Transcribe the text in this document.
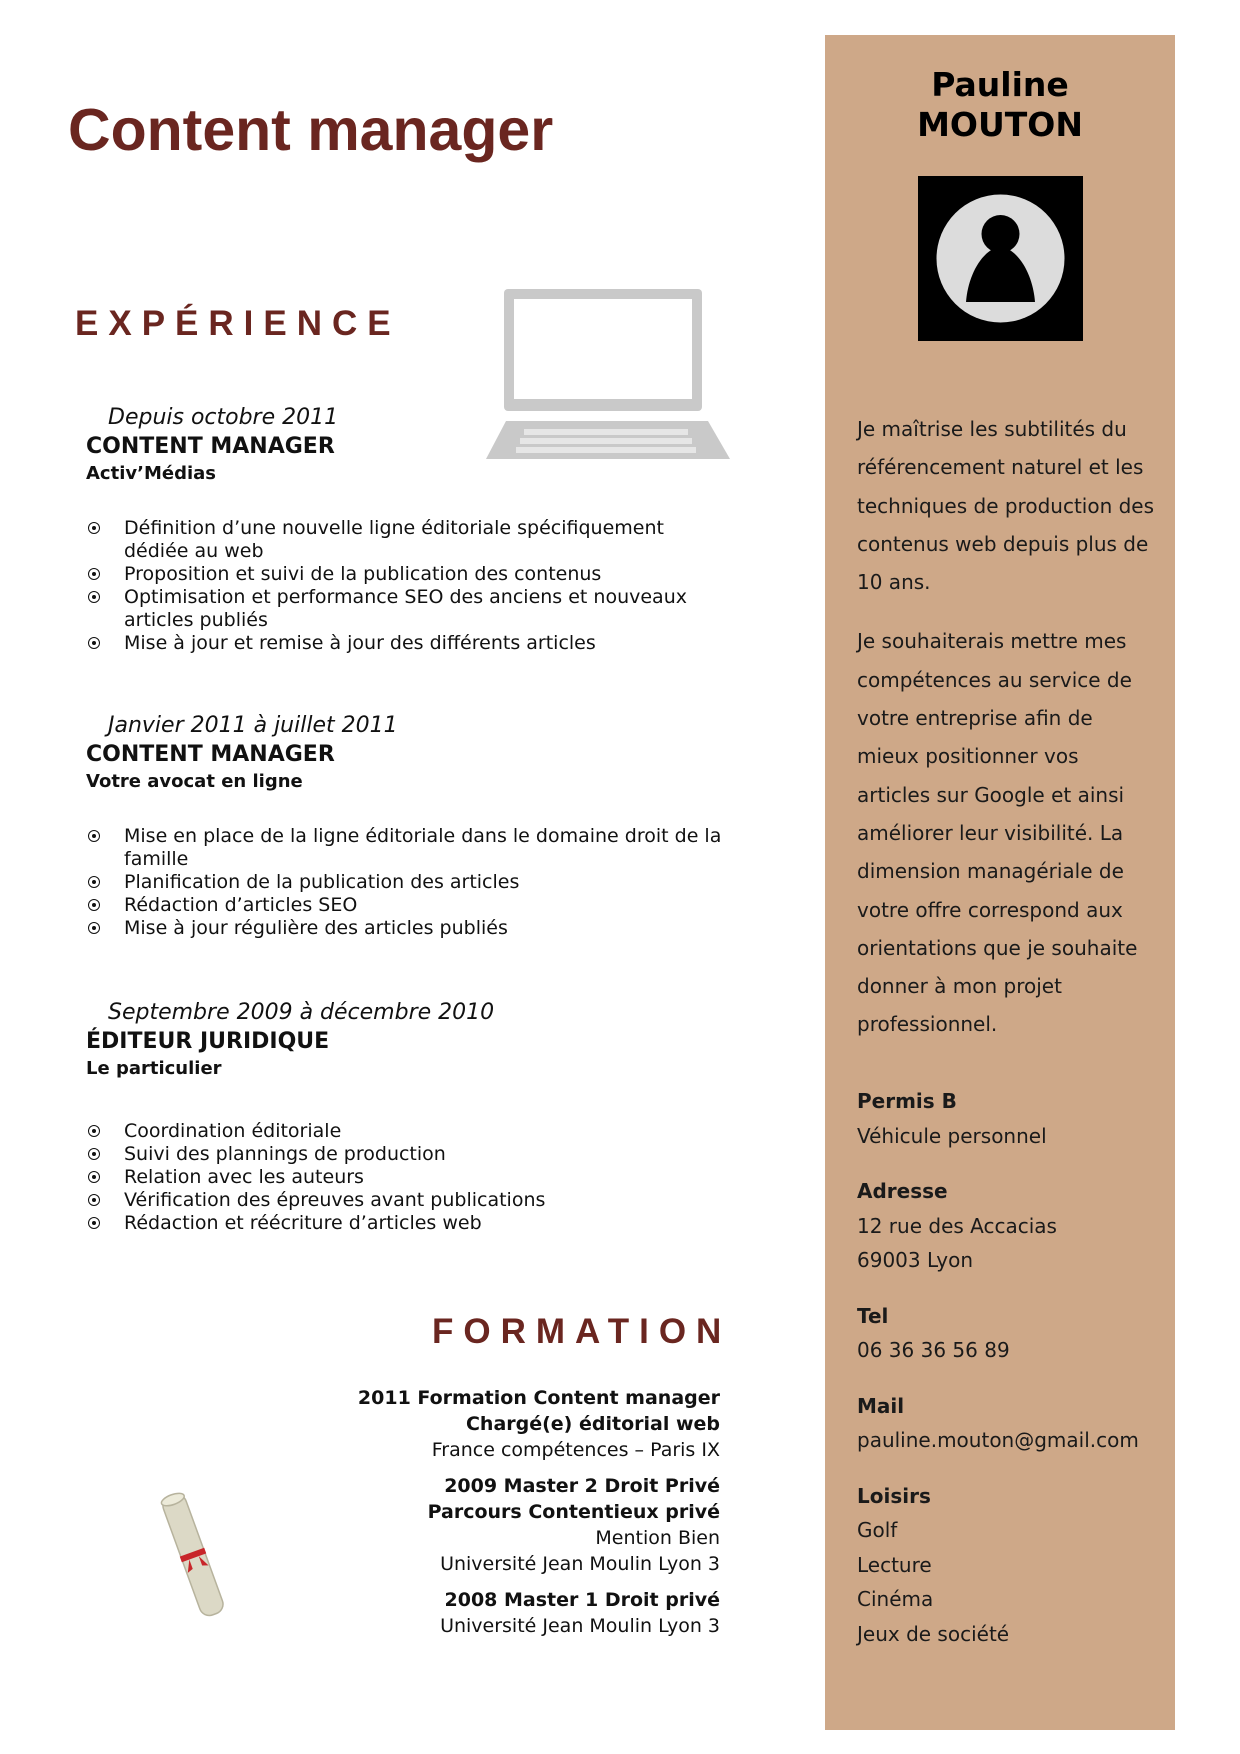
Content manager
EXPÉRIENCE
Depuis octobre 2011
CONTENT MANAGER
Activ’Médias
Définition d’une nouvelle ligne éditoriale spécifiquement dédiée au web
Proposition et suivi de la publication des contenus
Optimisation et performance SEO des anciens et nouveaux articles publiés
Mise à jour et remise à jour des différents articles
Janvier 2011 à juillet 2011
CONTENT MANAGER
Votre avocat en ligne
Mise en place de la ligne éditoriale dans le domaine droit de la famille
Planification de la publication des articles
Rédaction d’articles SEO
Mise à jour régulière des articles publiés
Septembre 2009 à décembre 2010
ÉDITEUR JURIDIQUE
Le particulier
Coordination éditoriale
Suivi des plannings de production
Relation avec les auteurs
Vérification des épreuves avant publications
Rédaction et réécriture d’articles web
FORMATION
2011 Formation Content manager
Chargé(e) éditorial web
France compétences – Paris IX
2009 Master 2 Droit Privé
Parcours Contentieux privé
Mention Bien
Université Jean Moulin Lyon 3
2008 Master 1 Droit privé
Université Jean Moulin Lyon 3
Pauline
MOUTON

Je maîtrise les subtilités du référencement naturel et les techniques de production des contenus web depuis plus de 10 ans.

Je souhaiterais mettre mes compétences au service de votre entreprise afin de mieux positionner vos articles sur Google et ainsi améliorer leur visibilité. La dimension managériale de votre offre correspond aux orientations que je souhaite donner à mon projet professionnel.

Permis B
Véhicule personnel
Adresse
12 rue des Accacias
69003 Lyon
Tel
06 36 36 56 89
Mail
pauline.mouton@gmail.com
Loisirs
Golf
Lecture
Cinéma
Jeux de société
